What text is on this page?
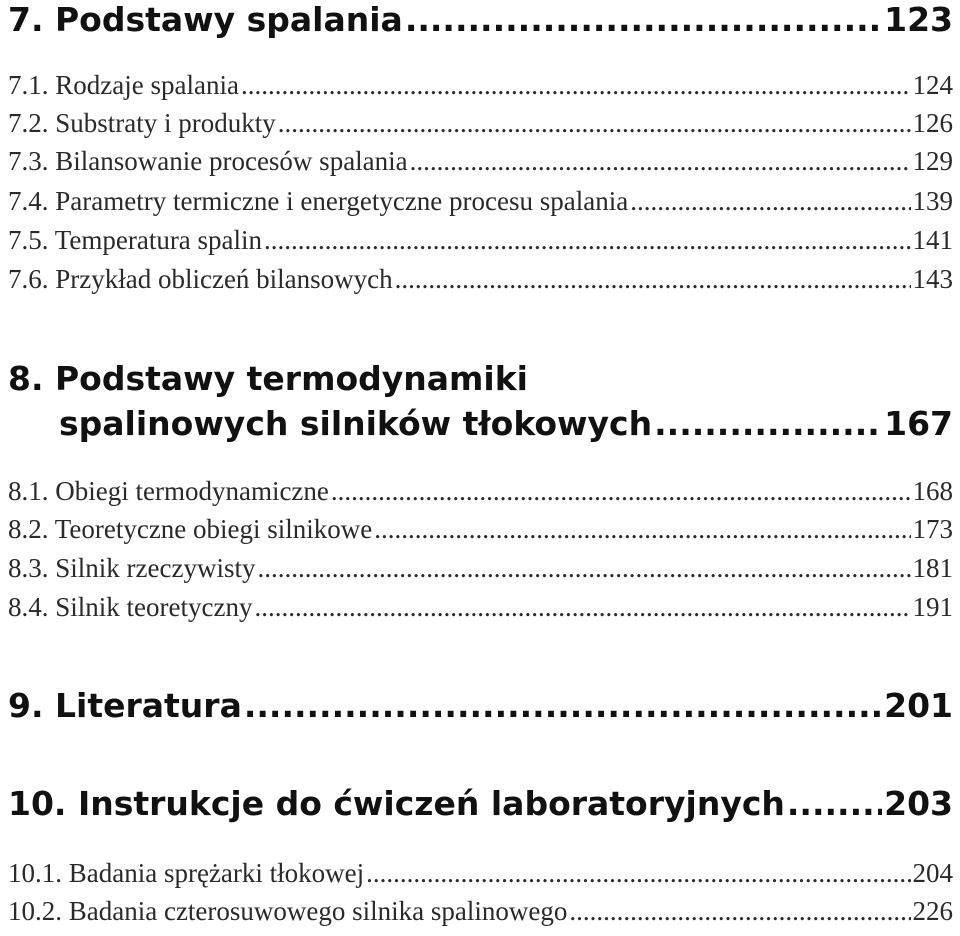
7. Podstawy spalania .....	123
7.1. Rodzaje spalania .....	124
7.2. Substraty i produkty .....	126
7.3. Bilansowanie procesów spalania .....	129
7.4. Parametry termiczne i energetyczne procesu spalania .....	139
7.5. Temperatura spalin .....	141
7.6. Przykład obliczeń bilansowych .....	143
8. Podstawy termodynamiki
spalinowych silników tłokowych .....	167
8.1. Obiegi termodynamiczne .....	168
8.2. Teoretyczne obiegi silnikowe .....	173
8.3. Silnik rzeczywisty .....	181
8.4. Silnik teoretyczny .....	191
9. Literatura .....	201
10. Instrukcje do ćwiczeń laboratoryjnych .....	203
10.1. Badania sprężarki tłokowej .....	204
10.2. Badania czterosuwowego silnika spalinowego .....	226
